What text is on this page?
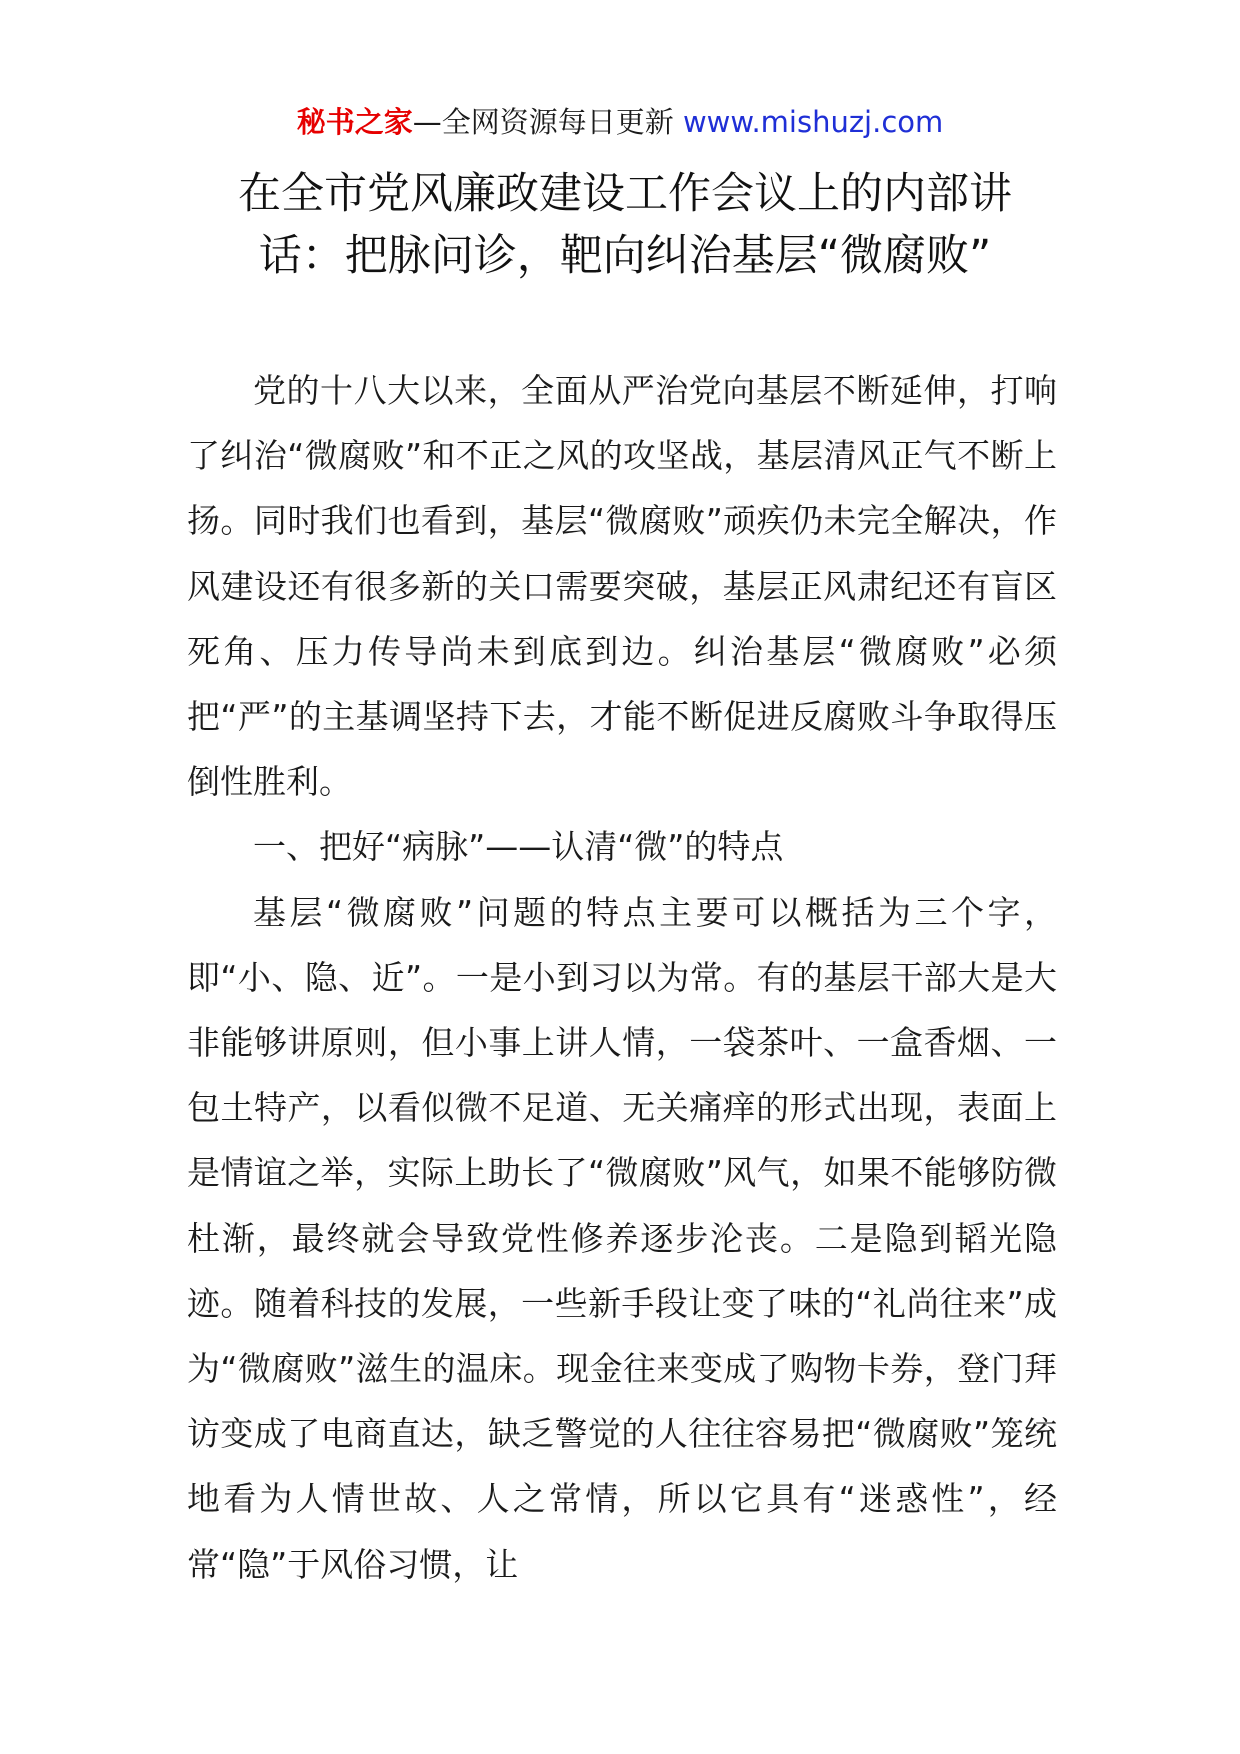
秘书之家—全网资源每日更新 www.mishuzj.com
在全市党风廉政建设工作会议上的内部讲话：把脉问诊，靶向纠治基层“微腐败”

党的十八大以来，全面从严治党向基层不断延伸，打响了纠治“微腐败”和不正之风的攻坚战，基层清风正气不断上扬。同时我们也看到，基层“微腐败”顽疾仍未完全解决，作风建设还有很多新的关口需要突破，基层正风肃纪还有盲区死角、压力传导尚未到底到边。纠治基层“微腐败”必须把“严”的主基调坚持下去，才能不断促进反腐败斗争取得压倒性胜利。

一、把好“病脉”——认清“微”的特点

基层“微腐败”问题的特点主要可以概括为三个字，即“小、隐、近”。一是小到习以为常。有的基层干部大是大非能够讲原则，但小事上讲人情，一袋茶叶、一盒香烟、一包土特产，以看似微不足道、无关痛痒的形式出现，表面上是情谊之举，实际上助长了“微腐败”风气，如果不能够防微杜渐，最终就会导致党性修养逐步沦丧。二是隐到韬光隐迹。随着科技的发展，一些新手段让变了味的“礼尚往来”成为“微腐败”滋生的温床。现金往来变成了购物卡券，登门拜访变成了电商直达，缺乏警觉的人往往容易把“微腐败”笼统地看为人情世故、人之常情，所以它具有“迷惑性”，经常“隐”于风俗习惯，让
